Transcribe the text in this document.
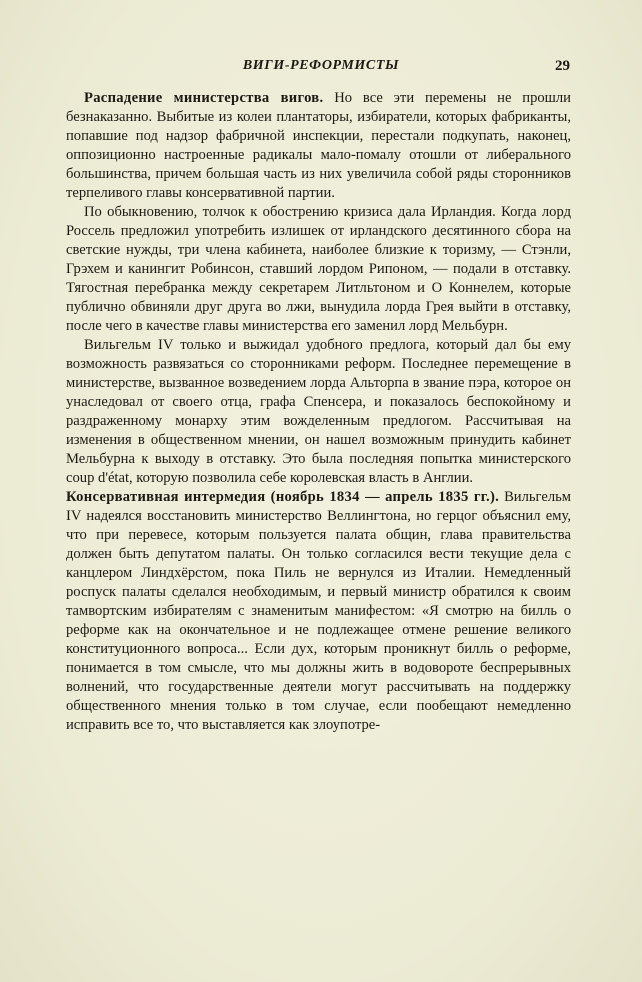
ВИГИ-РЕФОРМИСТЫ	29

Распадение министерства вигов. Но все эти перемены не прошли безнаказанно. Выбитые из колеи плантаторы, избиратели, которых фабриканты, попавшие под надзор фабричной инспекции, перестали подкупать, наконец, оппозиционно настроенные радикалы мало-помалу отошли от либерального большинства, причем большая часть из них увеличила собой ряды сторонников терпеливого главы консервативной партии.

По обыкновению, толчок к обострению кризиса дала Ирландия. Когда лорд Россель предложил употребить излишек от ирландского десятинного сбора на светские нужды, три члена кабинета, наиболее близкие к торизму, — Стэнли, Грэхем и канингит Робинсон, ставший лордом Рипоном, — подали в отставку. Тягостная перебранка между секретарем Литльтоном и О Коннелем, которые публично обвиняли друг друга во лжи, вынудила лорда Грея выйти в отставку, после чего в качестве главы министерства его заменил лорд Мельбурн.

Вильгельм IV только и выжидал удобного предлога, который дал бы ему возможность развязаться со сторонниками реформ. Последнее перемещение в министерстве, вызванное возведением лорда Альторпа в звание пэра, которое он унаследовал от своего отца, графа Спенсера, и показалось беспокойному и раздраженному монарху этим вожделенным предлогом. Рассчитывая на изменения в общественном мнении, он нашел возможным принудить кабинет Мельбурна к выходу в отставку. Это была последняя попытка министерского coup d'état, которую позволила себе королевская власть в Англии.

Консервативная интермедия (ноябрь 1834 — апрель 1835 гг.). Вильгельм IV надеялся восстановить министерство Веллингтона, но герцог объяснил ему, что при перевесе, которым пользуется палата общин, глава правительства должен быть депутатом палаты. Он только согласился вести текущие дела с канцлером Линдхёрстом, пока Пиль не вернулся из Италии. Немедленный роспуск палаты сделался необходимым, и первый министр обратился к своим тамвортским избирателям с знаменитым манифестом: «Я смотрю на билль о реформе как на окончательное и не подлежащее отмене решение великого конституционного вопроса... Если дух, которым проникнут билль о реформе, понимается в том смысле, что мы должны жить в водовороте беспрерывных волнений, что государственные деятели могут рассчитывать на поддержку общественного мнения только в том случае, если пообещают немедленно исправить все то, что выставляется как злоупотре-
